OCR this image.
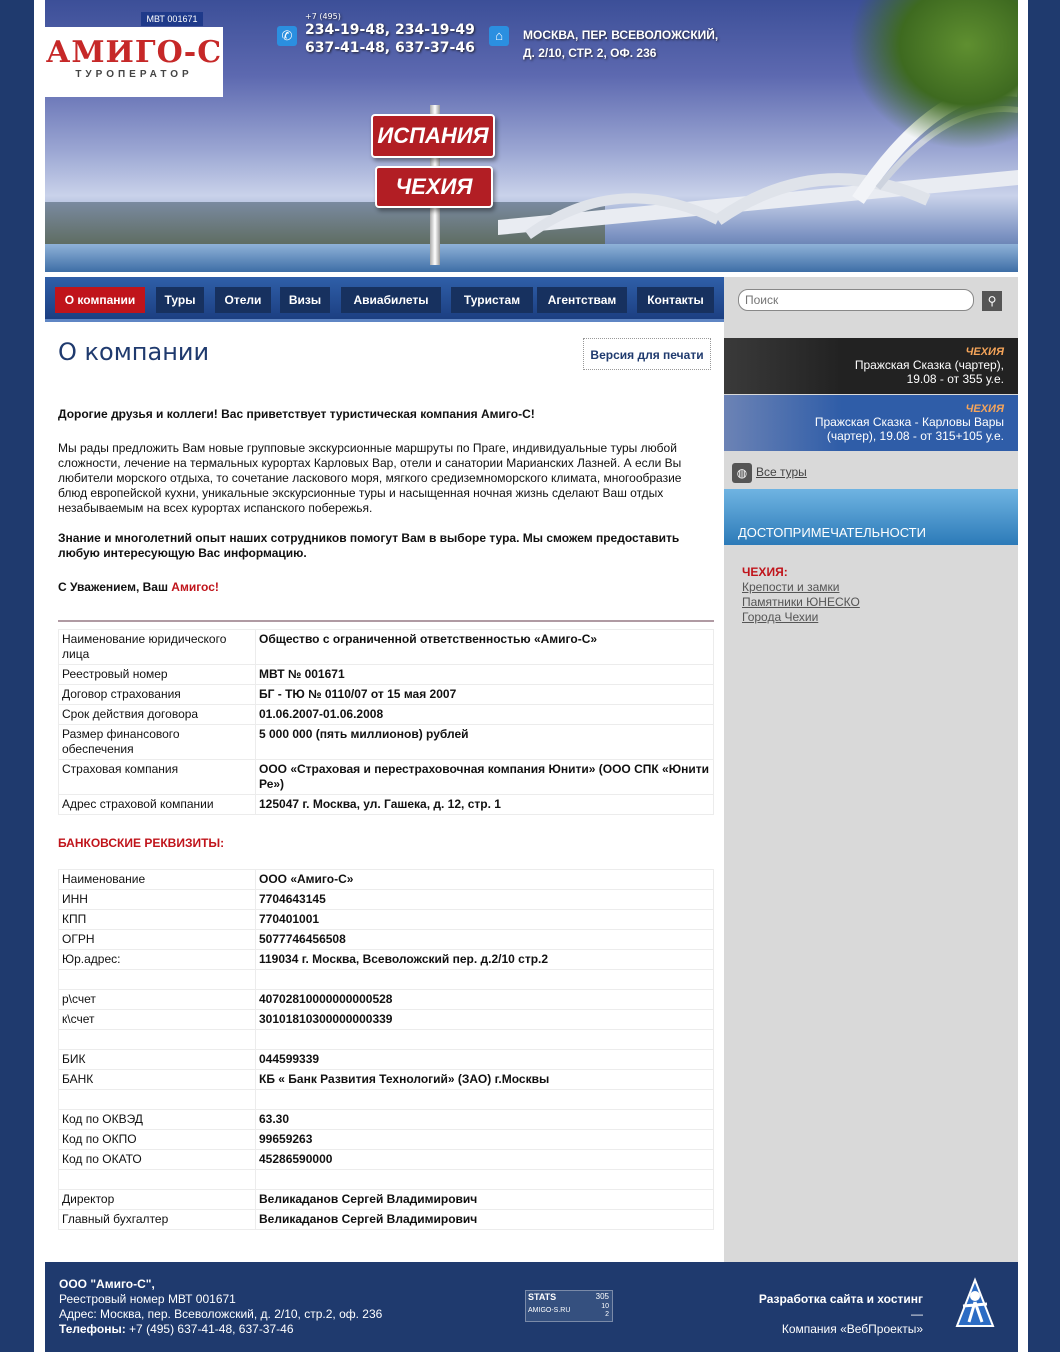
МВТ 001671
АМИГО-С
ТУРОПЕРАТОР
✆
+7 (495)
234-19-48, 234-19-49
637-41-48, 637-37-46
⌂	МОСКВА, ПЕР. ВСЕВОЛОЖСКИЙ,
Д. 2/10, СТР. 2, ОФ. 236
ИСПАНИЯ
ЧЕХИЯ
О компании	Туры	Отели	Визы	Авиабилеты	Туристам	Агентствам	Контакты
Поиск	⚲
ЧЕХИЯ
Пражская Сказка (чартер),
19.08 - от 355 у.е.
ЧЕХИЯ
Пражская Сказка - Карловы Вары
(чартер), 19.08 - от 315+105 у.е.
◍ Все туры
ДОСТОПРИМЕЧАТЕЛЬНОСТИ
ЧЕХИЯ:
Крепости и замки
Памятники ЮНЕСКО
Города Чехии
О компании	Версия для печати

Дорогие друзья и коллеги! Вас приветствует туристическая компания Амиго-С!

Мы рады предложить Вам новые групповые экскурсионные маршруты по Праге, индивидуальные туры любой сложности, лечение на термальных курортах Карловых Вар, отели и санатории Марианских Лазней. А если Вы любители морского отдыха, то сочетание ласкового моря, мягкого средиземноморского климата, многообразие блюд европейской кухни, уникальные экскурсионные туры и насыщенная ночная жизнь сделают Ваш отдых незабываемым на всех курортах испанского побережья.

Знание и многолетний опыт наших сотрудников помогут Вам в выборе тура. Мы сможем предоставить любую интересующую Вас информацию.

С Уважением, Ваш Амигос!

Наименование юридического лица	Общество с ограниченной ответственностью «Амиго-С»
Реестровый номер	МВТ № 001671
Договор страхования	БГ - ТЮ № 0110/07 от 15 мая 2007
Срок действия договора	01.06.2007-01.06.2008
Размер финансового обеспечения	5 000 000 (пять миллионов) рублей
Страховая компания	ООО «Страховая и перестраховочная компания Юнити» (ООО СПК «Юнити Ре»)
Адрес страховой компании	125047 г. Москва, ул. Гашека, д. 12, стр. 1
БАНКОВСКИЕ РЕКВИЗИТЫ:
Наименование	ООО «Амиго-С»
ИНН	7704643145
КПП	770401001
ОГРН	5077746456508
Юр.адрес:	119034 г. Москва, Всеволожский пер. д.2/10 стр.2

р\счет	40702810000000000528
к\счет	30101810300000000339

БИК	044599339
БАНК	КБ « Банк Развития Технологий» (ЗАО) г.Москвы

Код по ОКВЭД	63.30
Код по ОКПО	99659263
Код по ОКАТО	45286590000

Директор	Великаданов Сергей Владимирович
Главный бухгалтер	Великаданов Сергей Владимирович
ООО "Амиго-С",
Реестровый номер МВТ 001671
Адрес: Москва, пер. Всеволожский, д. 2/10, стр.2, оф. 236
Телефоны: +7 (495) 637-41-48, 637-37-46
STATS	305
AMIGO-S.RU
10
2
Разработка сайта и хостинг —
Компания «ВебПроекты»
